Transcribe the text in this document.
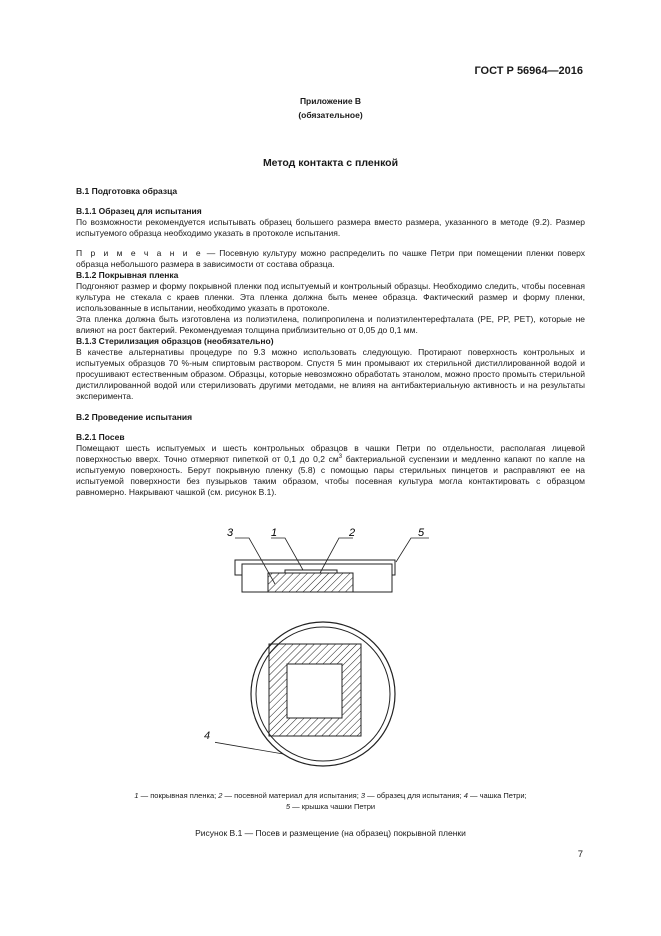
ГОСТ Р 56964—2016
Приложение В
(обязательное)
Метод контакта с пленкой

В.1 Подготовка образца

В.1.1 Образец для испытания

По возможности рекомендуется испытывать образец большего размера вместо размера, указанного в методе (9.2). Размер испытуемого образца необходимо указать в протоколе испытания.

П р и м е ч а н и е — Посевную культуру можно распределить по чашке Петри при помещении пленки поверх образца небольшого размера в зависимости от состава образца.

В.1.2 Покрывная пленка

Подгоняют размер и форму покрывной пленки под испытуемый и контрольный образцы. Необходимо следить, чтобы посевная культура не стекала с краев пленки. Эта пленка должна быть менее образца. Фактический размер и форму пленки, использованные в испытании, необходимо указать в протоколе.

Эта пленка должна быть изготовлена из полиэтилена, полипропилена и полиэтилентерефталата (PE, PP, PET), которые не влияют на рост бактерий. Рекомендуемая толщина приблизительно от 0,05 до 0,1 мм.

В.1.3 Стерилизация образцов (необязательно)

В качестве альтернативы процедуре по 9.3 можно использовать следующую. Протирают поверхность контрольных и испытуемых образцов 70 %-ным спиртовым раствором. Спустя 5 мин промывают их стерильной дистиллированной водой и просушивают естественным образом. Образцы, которые невозможно обработать этанолом, можно просто промыть стерильной дистиллированной водой или стерилизовать другими методами, не влияя на антибактериальную активность и на результаты эксперимента.

В.2 Проведение испытания

В.2.1 Посев

Помещают шесть испытуемых и шесть контрольных образцов в чашки Петри по отдельности, располагая лицевой поверхностью вверх. Точно отмеряют пипеткой от 0,1 до 0,2 $см^3$ бактериальной суспензии и медленно капают по капле на испытуемую поверхность. Берут покрывную пленку (5.8) с помощью пары стерильных пинцетов и расправляют ее на испытуемой поверхности без пузырьков таким образом, чтобы посевная культура могла контактировать с образцом равномерно. Накрывают чашкой (см. рисунок В.1).

3	1	2	5
4
1 — покрывная пленка; 2 — посевной материал для испытания; 3 — образец для испытания; 4 — чашка Петри;
5 — крышка чашки Петри
Рисунок В.1 — Посев и размещение (на образец) покрывной пленки
7
